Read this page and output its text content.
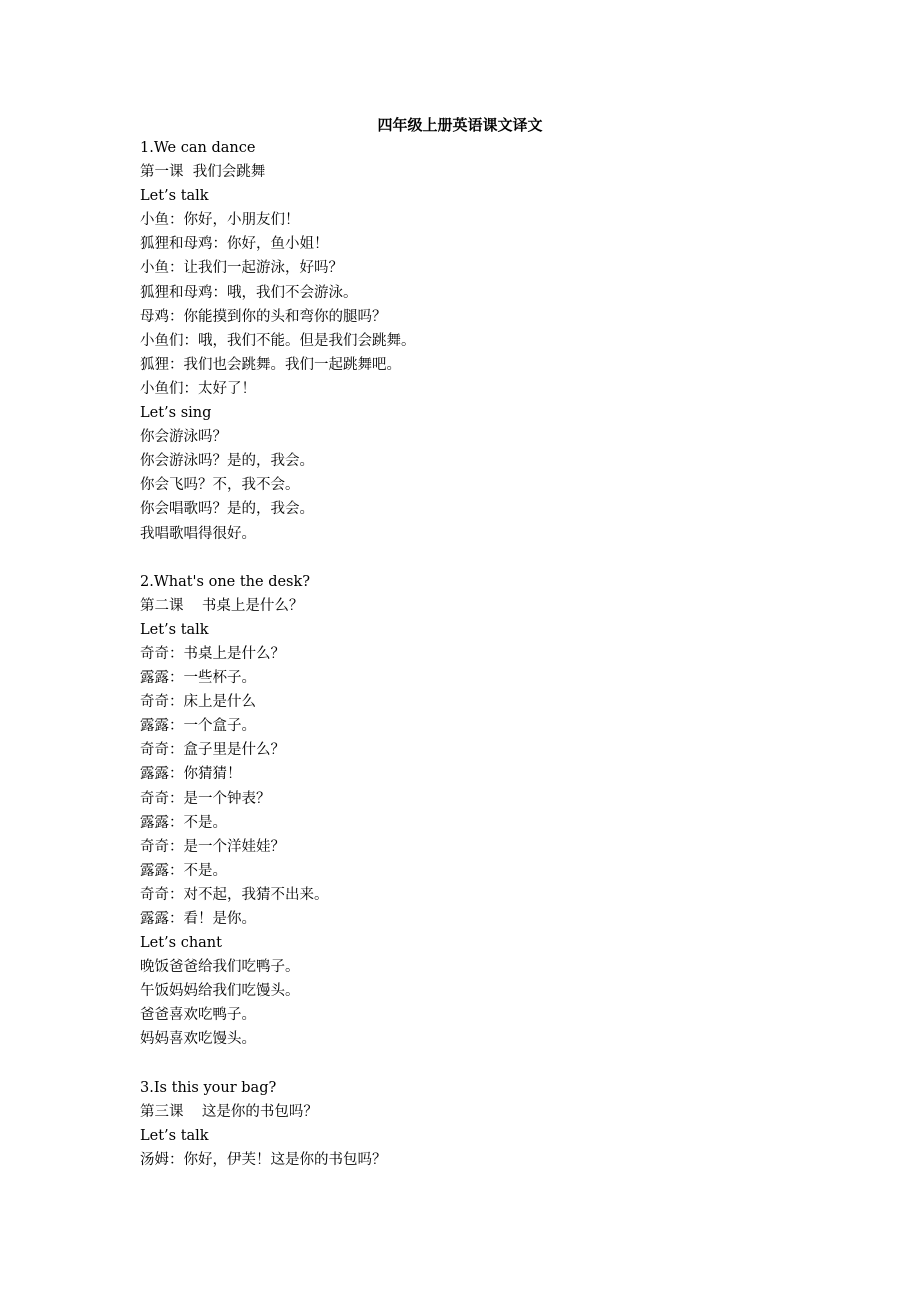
四年级上册英语课文译文
1.We can dance
第一课  我们会跳舞
Let’s talk
小鱼：你好，小朋友们！
狐狸和母鸡：你好，鱼小姐！
小鱼：让我们一起游泳，好吗？
狐狸和母鸡：哦，我们不会游泳。
母鸡：你能摸到你的头和弯你的腿吗？
小鱼们：哦，我们不能。但是我们会跳舞。
狐狸：我们也会跳舞。我们一起跳舞吧。
小鱼们：太好了！
Let’s sing
你会游泳吗？
你会游泳吗？是的，我会。
你会飞吗？不，我不会。
你会唱歌吗？是的，我会。
我唱歌唱得很好。
2.What's one the desk?
第二课    书桌上是什么？
Let’s talk
奇奇：书桌上是什么？
露露：一些杯子。
奇奇：床上是什么
露露：一个盒子。
奇奇：盒子里是什么？
露露：你猜猜！
奇奇：是一个钟表？
露露：不是。
奇奇：是一个洋娃娃？
露露：不是。
奇奇：对不起，我猜不出来。
露露：看！是你。
Let’s chant
晚饭爸爸给我们吃鸭子。
午饭妈妈给我们吃馒头。
爸爸喜欢吃鸭子。
妈妈喜欢吃馒头。
3.Is this your bag?
第三课    这是你的书包吗？
Let’s talk
汤姆：你好，伊芙！这是你的书包吗？
